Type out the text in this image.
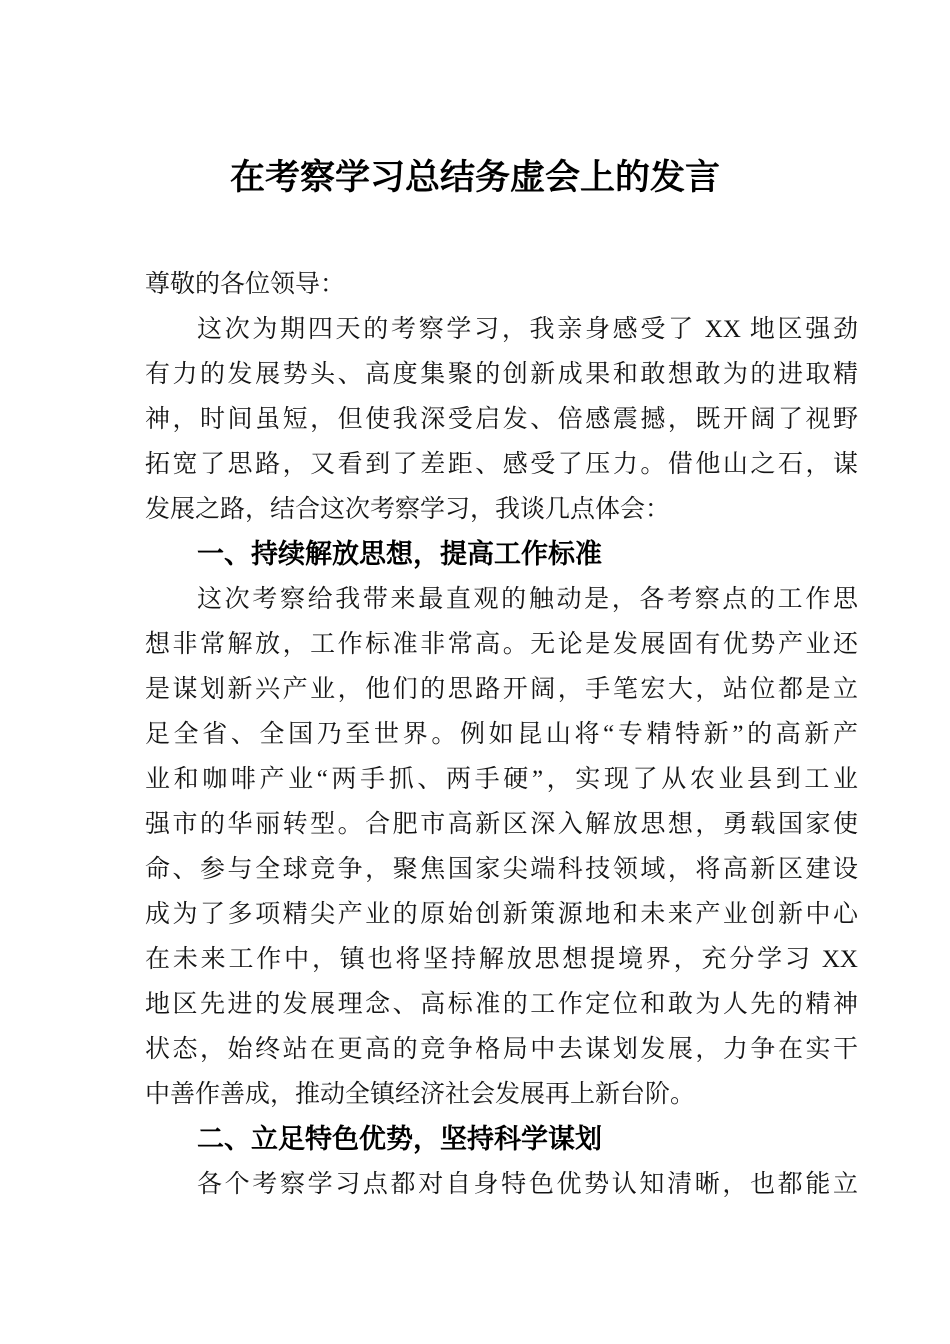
在考察学习总结务虚会上的发言
尊敬的各位领导：
这次为期四天的考察学习，我亲身感受了 XX 地区强劲
有力的发展势头、高度集聚的创新成果和敢想敢为的进取精
神，时间虽短，但使我深受启发、倍感震撼，既开阔了视野
拓宽了思路，又看到了差距、感受了压力。借他山之石，谋
发展之路，结合这次考察学习，我谈几点体会：
一、持续解放思想，提高工作标准
这次考察给我带来最直观的触动是，各考察点的工作思
想非常解放，工作标准非常高。无论是发展固有优势产业还
是谋划新兴产业，他们的思路开阔，手笔宏大，站位都是立
足全省、全国乃至世界。例如昆山将“专精特新”的高新产
业和咖啡产业“两手抓、两手硬”，实现了从农业县到工业
强市的华丽转型。合肥市高新区深入解放思想，勇载国家使
命、参与全球竞争，聚焦国家尖端科技领域，将高新区建设
成为了多项精尖产业的原始创新策源地和未来产业创新中心
在未来工作中，镇也将坚持解放思想提境界，充分学习 XX
地区先进的发展理念、高标准的工作定位和敢为人先的精神
状态，始终站在更高的竞争格局中去谋划发展，力争在实干
中善作善成，推动全镇经济社会发展再上新台阶。
二、立足特色优势，坚持科学谋划
各个考察学习点都对自身特色优势认知清晰，也都能立
